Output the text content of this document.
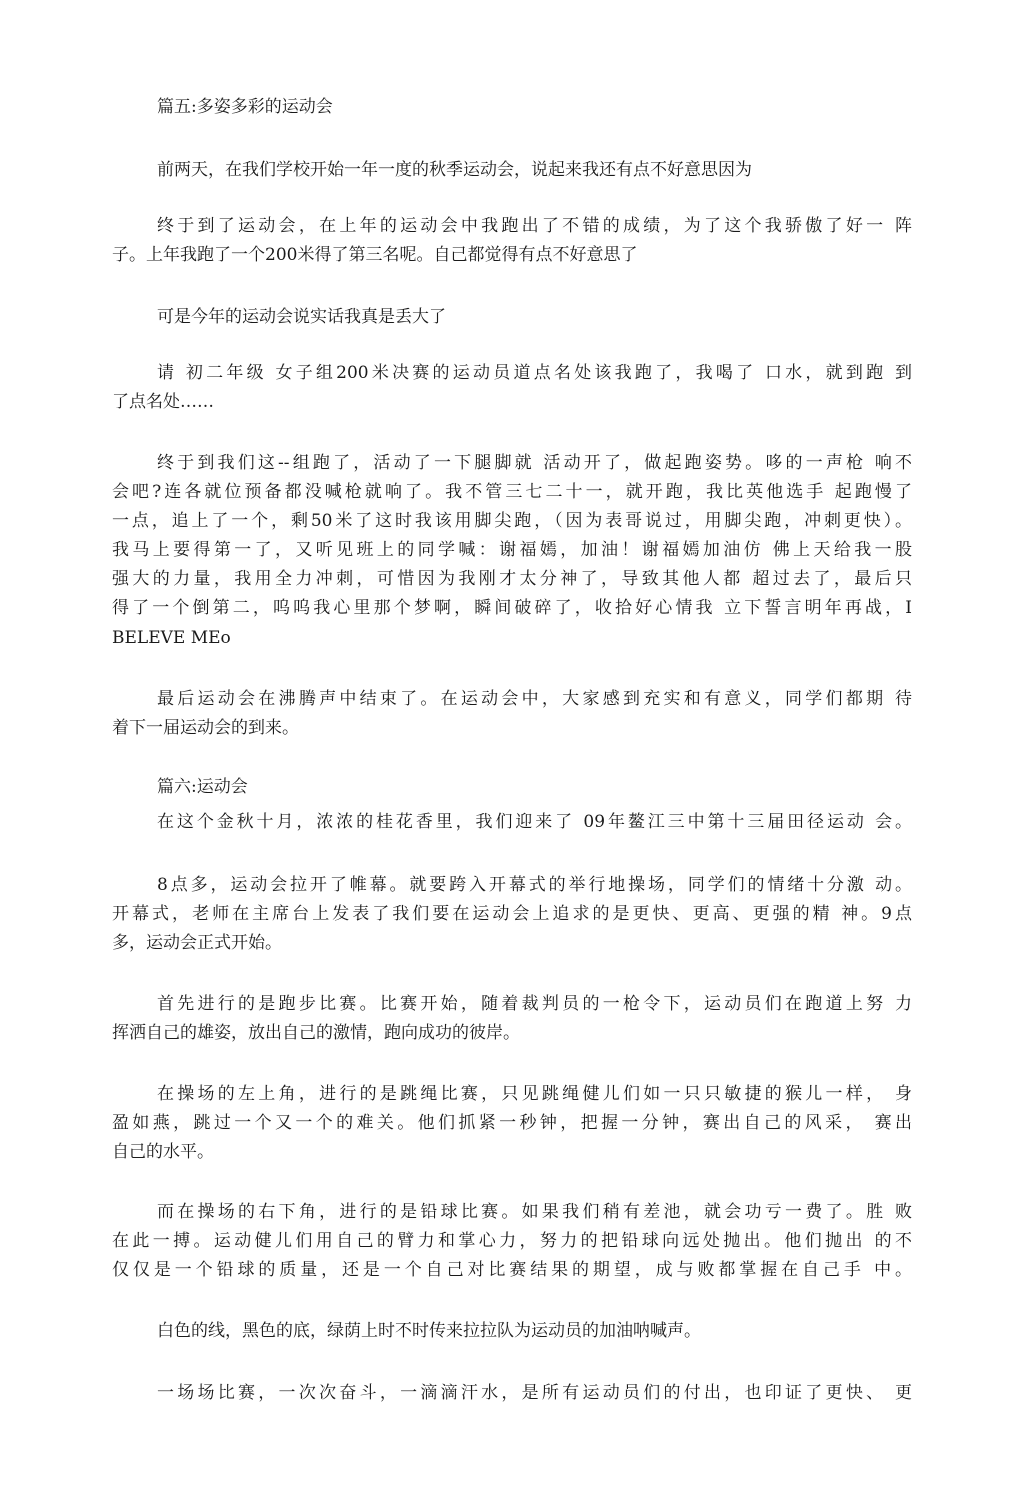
篇五:多姿多彩的运动会
前两天，在我们学校开始一年一度的秋季运动会，说起来我还有点不好意思因为
终于到了运动会，在上年的运动会中我跑出了不错的成绩，为了这个我骄傲了好一 阵
子。上年我跑了一个200米得了第三名呢。自己都觉得有点不好意思了
可是今年的运动会说实话我真是丢大了
请 初二年级 女子组200米决赛的运动员道点名处该我跑了，我喝了 口水，就到跑 到
了点名处……
终于到我们这--组跑了，活动了一下腿脚就 活动开了，做起跑姿势。哆的一声枪 响不
会吧?连各就位预备都没喊枪就响了。我不管三七二十一，就开跑，我比英他选手 起跑慢了
一点，追上了一个，剩50米了这时我该用脚尖跑，（因为表哥说过，用脚尖跑，冲刺更快）。
我马上要得第一了，又听见班上的同学喊：谢福嫣，加油！谢福嫣加油仿 佛上天给我一股
强大的力量，我用全力冲刺，可惜因为我刚才太分神了，导致其他人都 超过去了，最后只
得了一个倒第二，呜呜我心里那个梦啊，瞬间破碎了，收拾好心情我 立下誓言明年再战，I
BELEVE MEo
最后运动会在沸腾声中结束了。在运动会中，大家感到充实和有意义，同学们都期 待
着下一届运动会的到来。
篇六:运动会
在这个金秋十月，浓浓的桂花香里，我们迎来了 09年鳌江三中第十三届田径运动 会。
8点多，运动会拉开了帷幕。就要跨入开幕式的举行地操场，同学们的情绪十分激 动。
开幕式，老师在主席台上发表了我们要在运动会上追求的是更快、更高、更强的精 神。9点
多，运动会正式开始。
首先进行的是跑步比赛。比赛开始，随着裁判员的一枪令下，运动员们在跑道上努 力
挥洒自己的雄姿，放出自己的激情，跑向成功的彼岸。
在操场的左上角，进行的是跳绳比赛，只见跳绳健儿们如一只只敏捷的猴儿一样， 身
盈如燕，跳过一个又一个的难关。他们抓紧一秒钟，把握一分钟，赛出自己的风采， 赛出
自己的水平。
而在操场的右下角，进行的是铅球比赛。如果我们稍有差池，就会功亏一费了。胜 败
在此一搏。运动健儿们用自己的臂力和掌心力，努力的把铅球向远处抛出。他们抛出 的不
仅仅是一个铅球的质量，还是一个自己对比赛结果的期望，成与败都掌握在自己手 中。
白色的线，黑色的底，绿荫上时不时传来拉拉队为运动员的加油呐喊声。
一场场比赛，一次次奋斗，一滴滴汗水，是所有运动员们的付出，也印证了更快、 更
